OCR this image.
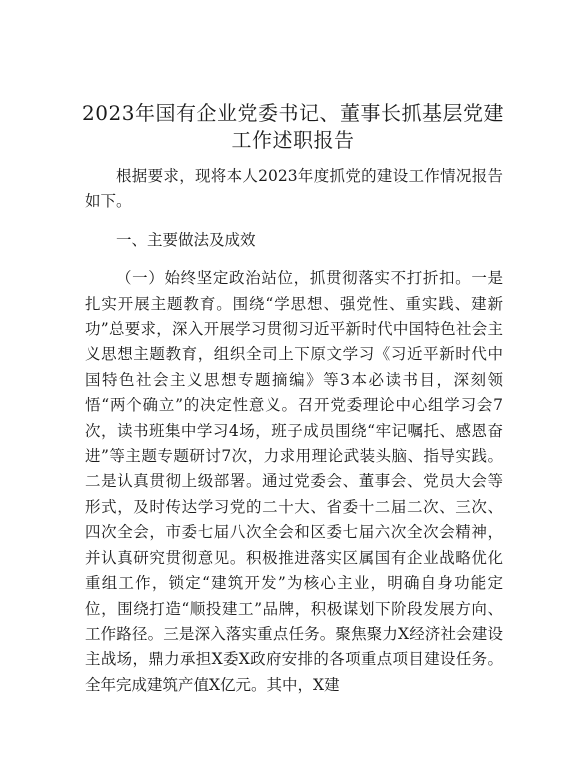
2023年国有企业党委书记、董事长抓基层党建工作述职报告

根据要求，现将本人2023年度抓党的建设工作情况报告如下。

一、主要做法及成效

（一）始终坚定政治站位，抓贯彻落实不打折扣。一是扎实开展主题教育。围绕“学思想、强党性、重实践、建新功”总要求，深入开展学习贯彻习近平新时代中国特色社会主义思想主题教育，组织全司上下原文学习《习近平新时代中国特色社会主义思想专题摘编》等3本必读书目，深刻领悟“两个确立”的决定性意义。召开党委理论中心组学习会7次，读书班集中学习4场，班子成员围绕“牢记嘱托、感恩奋进”等主题专题研讨7次，力求用理论武装头脑、指导实践。二是认真贯彻上级部署。通过党委会、董事会、党员大会等形式，及时传达学习党的二十大、省委十二届二次、三次、四次全会，市委七届八次全会和区委七届六次全次会精神，并认真研究贯彻意见。积极推进落实区属国有企业战略优化重组工作，锁定“建筑开发”为核心主业，明确自身功能定位，围绕打造“顺投建工”品牌，积极谋划下阶段发展方向、工作路径。三是深入落实重点任务。聚焦聚力X经济社会建设主战场，鼎力承担X委X政府安排的各项重点项目建设任务。全年完成建筑产值X亿元。其中，X建
